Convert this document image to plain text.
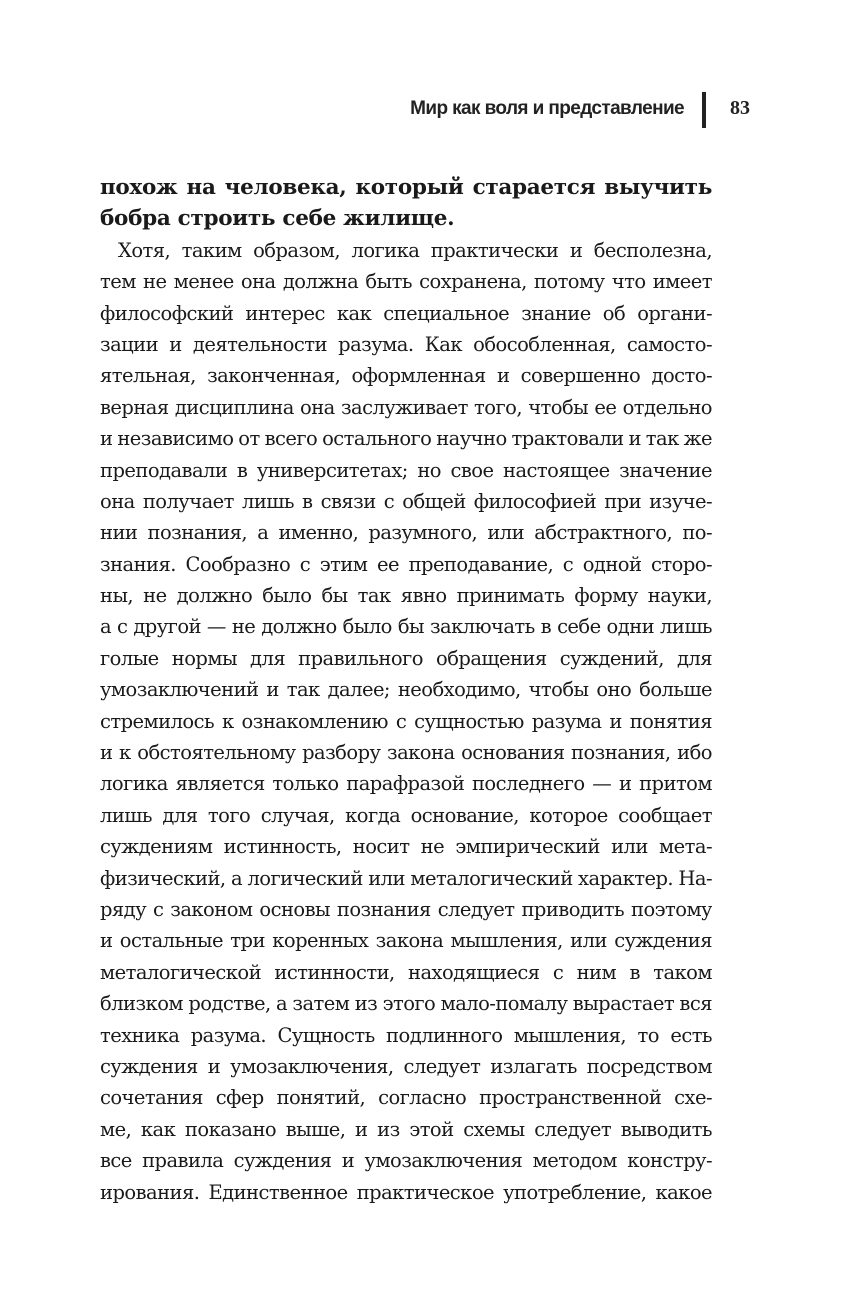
Мир как воля и представление 83
похож на человека, который старается выучить
бобра строить себе жилище.
Хотя, таким образом, логика практически и бесполезна,
тем не менее она должна быть сохранена, потому что имеет
философский интерес как специальное знание об органи-
зации и деятельности разума. Как обособленная, самосто-
ятельная, законченная, оформленная и совершенно досто-
верная дисциплина она заслуживает того, чтобы ее отдельно
и независимо от всего остального научно трактовали и так же
преподавали в университетах; но свое настоящее значение
она получает лишь в связи с общей философией при изуче-
нии познания, а именно, разумного, или абстрактного, по-
знания. Сообразно с этим ее преподавание, с одной сторо-
ны, не должно было бы так явно принимать форму науки,
а с другой — не должно было бы заключать в себе одни лишь
голые нормы для правильного обращения суждений, для
умозаключений и так далее; необходимо, чтобы оно больше
стремилось к ознакомлению с сущностью разума и понятия
и к обстоятельному разбору закона основания познания, ибо
логика является только парафразой последнего — и притом
лишь для того случая, когда основание, которое сообщает
суждениям истинность, носит не эмпирический или мета-
физический, а логический или металогический характер. На-
ряду с законом основы познания следует приводить поэтому
и остальные три коренных закона мышления, или суждения
металогической истинности, находящиеся с ним в таком
близком родстве, а затем из этого мало-помалу вырастает вся
техника разума. Сущность подлинного мышления, то есть
суждения и умозаключения, следует излагать посредством
сочетания сфер понятий, согласно пространственной схе-
ме, как показано выше, и из этой схемы следует выводить
все правила суждения и умозаключения методом констру-
ирования. Единственное практическое употребление, какое
